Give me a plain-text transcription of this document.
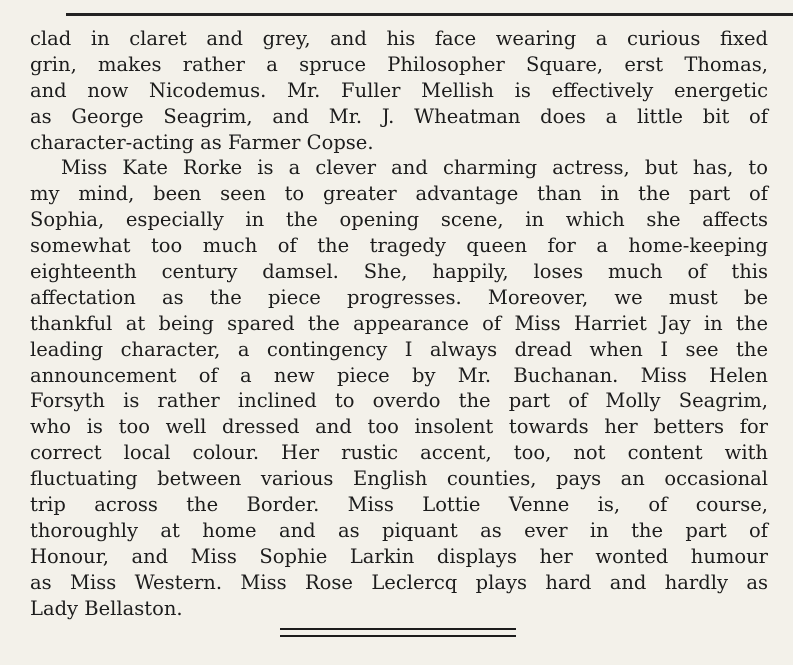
clad in claret and grey, and his face wearing a curious fixed
grin, makes rather a spruce Philosopher Square, erst Thomas,
and now Nicodemus. Mr. Fuller Mellish is effectively energetic
as George Seagrim, and Mr. J. Wheatman does a little bit of
character-acting as Farmer Copse.
Miss Kate Rorke is a clever and charming actress, but has, to
my mind, been seen to greater advantage than in the part of
Sophia, especially in the opening scene, in which she affects
somewhat too much of the tragedy queen for a home-keeping
eighteenth century damsel. She, happily, loses much of this
affectation as the piece progresses. Moreover, we must be
thankful at being spared the appearance of Miss Harriet Jay in the
leading character, a contingency I always dread when I see the
announcement of a new piece by Mr. Buchanan. Miss Helen
Forsyth is rather inclined to overdo the part of Molly Seagrim,
who is too well dressed and too insolent towards her betters for
correct local colour. Her rustic accent, too, not content with
fluctuating between various English counties, pays an occasional
trip across the Border. Miss Lottie Venne is, of course,
thoroughly at home and as piquant as ever in the part of
Honour, and Miss Sophie Larkin displays her wonted humour
as Miss Western. Miss Rose Leclercq plays hard and hardly as
Lady Bellaston.
